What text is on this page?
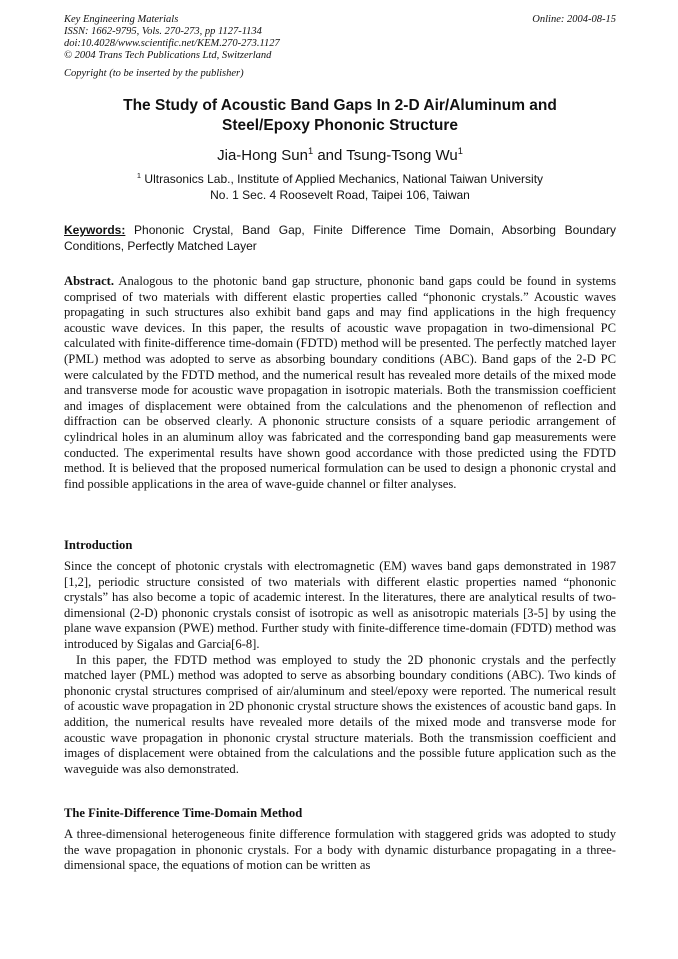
Key Engineering Materials
ISSN: 1662-9795, Vols. 270-273, pp 1127-1134
doi:10.4028/www.scientific.net/KEM.270-273.1127
© 2004 Trans Tech Publications Ltd, Switzerland
Copyright (to be inserted by the publisher)
Online: 2004-08-15
The Study of Acoustic Band Gaps In 2-D Air/Aluminum and
Steel/Epoxy Phononic Structure
Jia-Hong Sun$^1$ and Tsung-Tsong Wu$^1$
$^1$ Ultrasonics Lab., Institute of Applied Mechanics, National Taiwan University
No. 1 Sec. 4 Roosevelt Road, Taipei 106, Taiwan
Keywords: Phononic Crystal, Band Gap, Finite Difference Time Domain, Absorbing Boundary Conditions, Perfectly Matched Layer
Abstract. Analogous to the photonic band gap structure, phononic band gaps could be found in systems comprised of two materials with different elastic properties called “phononic crystals.” Acoustic waves propagating in such structures also exhibit band gaps and may find applications in the high frequency acoustic wave devices. In this paper, the results of acoustic wave propagation in two-dimensional PC calculated with finite-difference time-domain (FDTD) method will be presented. The perfectly matched layer (PML) method was adopted to serve as absorbing boundary conditions (ABC). Band gaps of the 2-D PC were calculated by the FDTD method, and the numerical result has revealed more details of the mixed mode and transverse mode for acoustic wave propagation in isotropic materials. Both the transmission coefficient and images of displacement were obtained from the calculations and the phenomenon of reflection and diffraction can be observed clearly. A phononic structure consists of a square periodic arrangement of cylindrical holes in an aluminum alloy was fabricated and the corresponding band gap measurements were conducted. The experimental results have shown good accordance with those predicted using the FDTD method. It is believed that the proposed numerical formulation can be used to design a phononic crystal and find possible applications in the area of wave-guide channel or filter analyses.
Introduction

Since the concept of photonic crystals with electromagnetic (EM) waves band gaps demonstrated in 1987 [1,2], periodic structure consisted of two materials with different elastic properties named “phononic crystals” has also become a topic of academic interest. In the literatures, there are analytical results of two-dimensional (2-D) phononic crystals consist of isotropic as well as anisotropic materials [3-5] by using the plane wave expansion (PWE) method. Further study with finite-difference time-domain (FDTD) method was introduced by Sigalas and Garcia[6-8].

In this paper, the FDTD method was employed to study the 2D phononic crystals and the perfectly matched layer (PML) method was adopted to serve as absorbing boundary conditions (ABC). Two kinds of phononic crystal structures comprised of air/aluminum and steel/epoxy were reported. The numerical result of acoustic wave propagation in 2D phononic crystal structure shows the existences of acoustic band gaps. In addition, the numerical results have revealed more details of the mixed mode and transverse mode for acoustic wave propagation in phononic crystal structure materials. Both the transmission coefficient and images of displacement were obtained from the calculations and the possible future application such as the waveguide was also demonstrated.

The Finite-Difference Time-Domain Method

A three-dimensional heterogeneous finite difference formulation with staggered grids was adopted to study the wave propagation in phononic crystals. For a body with dynamic disturbance propagating in a three-dimensional space, the equations of motion can be written as
